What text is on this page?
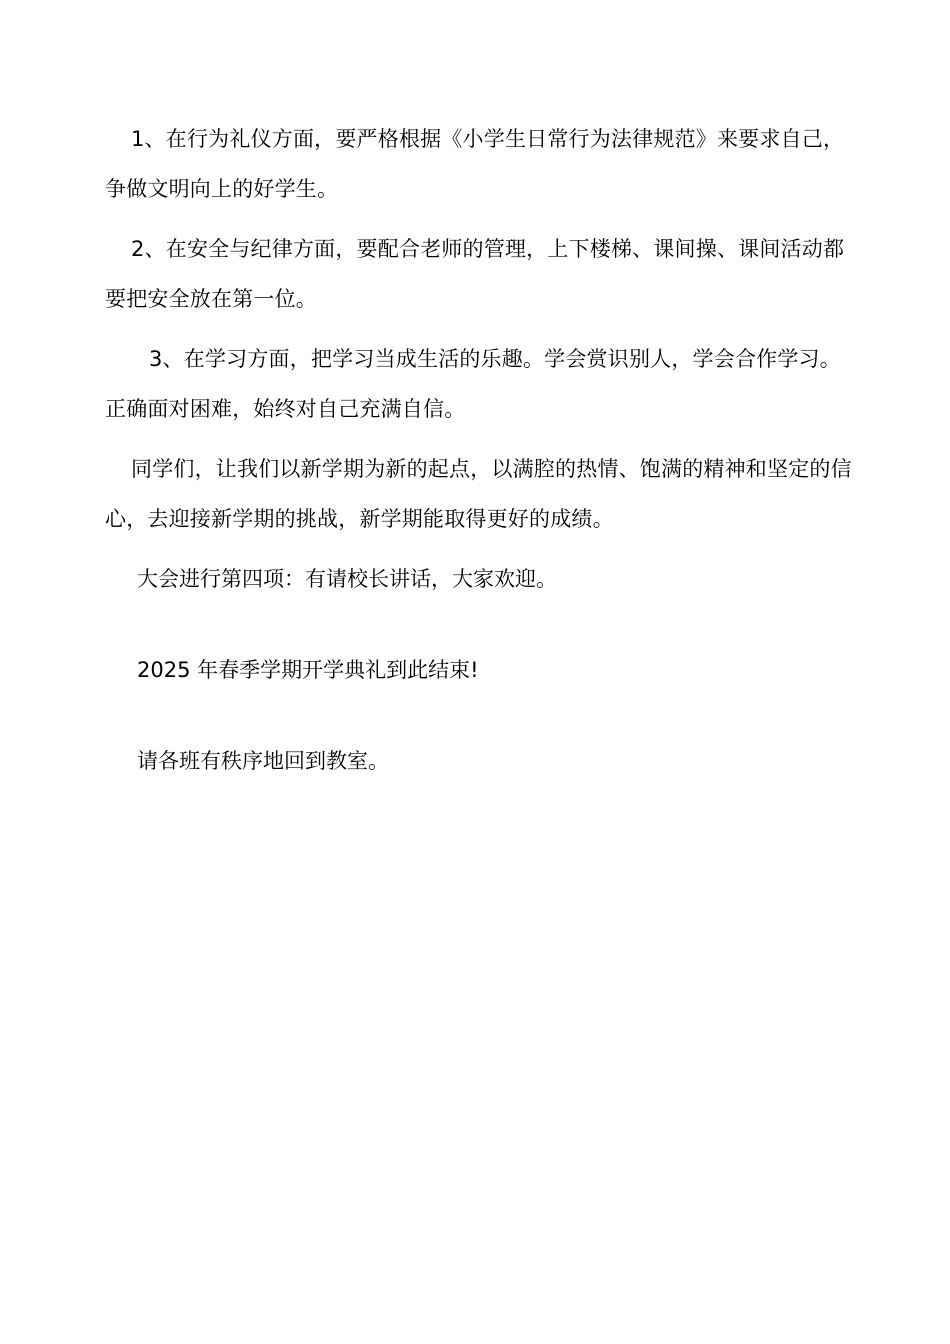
1、在行为礼仪方面，要严格根据《小学生日常行为法律规范》来要求自己，争做文明向上的好学生。

2、在安全与纪律方面，要配合老师的管理，上下楼梯、课间操、课间活动都要把安全放在第一位。

3、在学习方面，把学习当成生活的乐趣。学会赏识别人，学会合作学习。正确面对困难，始终对自己充满自信。

同学们，让我们以新学期为新的起点，以满腔的热情、饱满的精神和坚定的信心，去迎接新学期的挑战，新学期能取得更好的成绩。

大会进行第四项：有请校长讲话，大家欢迎。

2025 年春季学期开学典礼到此结束!

请各班有秩序地回到教室。
